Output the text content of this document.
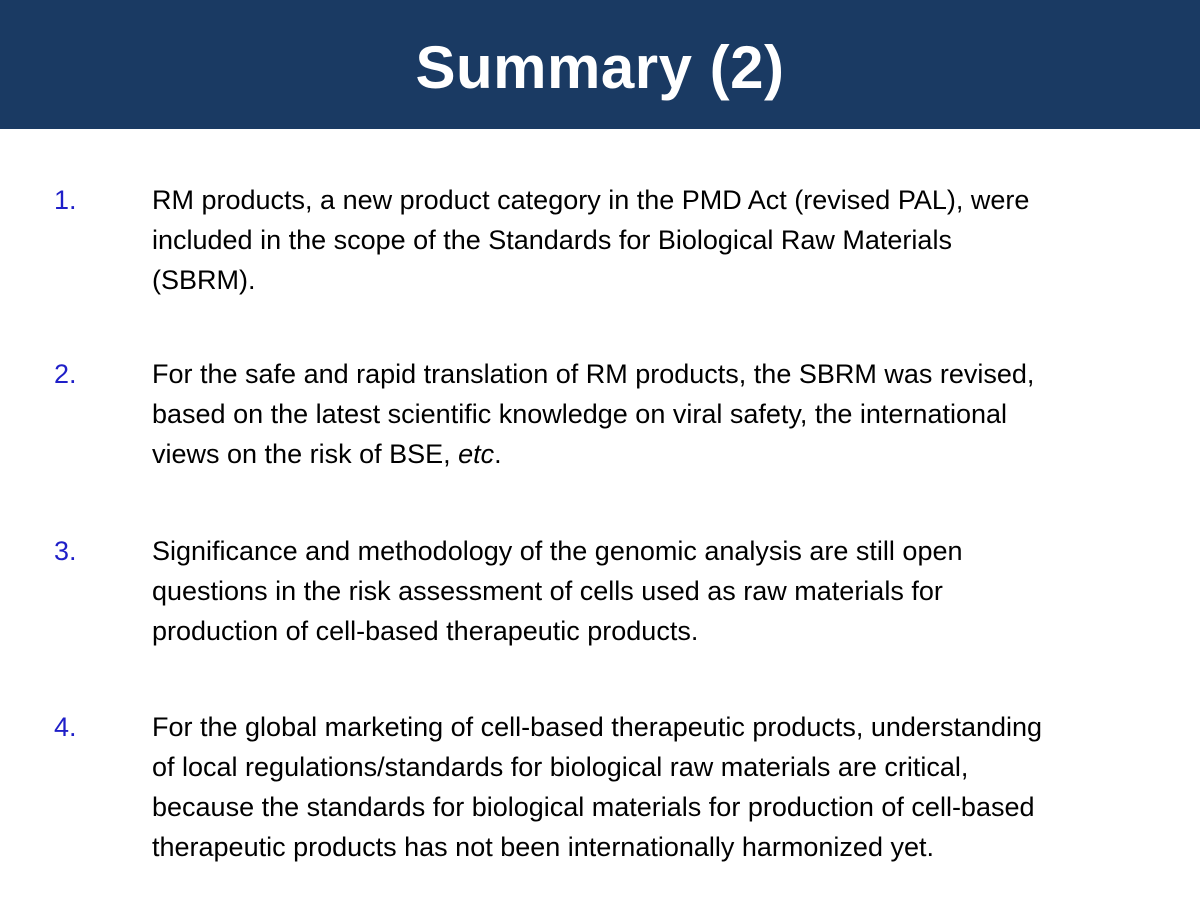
Summary (2)
1.	RM products, a new product category in the PMD Act (revised PAL), were
included in the scope of the Standards for Biological Raw Materials
(SBRM).
2.	For the safe and rapid translation of RM products, the SBRM was revised,
based on the latest scientific knowledge on viral safety, the international
views on the risk of BSE, etc.
3.	Significance and methodology of the genomic analysis are still open
questions in the risk assessment of cells used as raw materials for
production of cell-based therapeutic products.
4.	For the global marketing of cell-based therapeutic products, understanding
of local regulations/standards for biological raw materials are critical,
because the standards for biological materials for production of cell-based
therapeutic products has not been internationally harmonized yet.
